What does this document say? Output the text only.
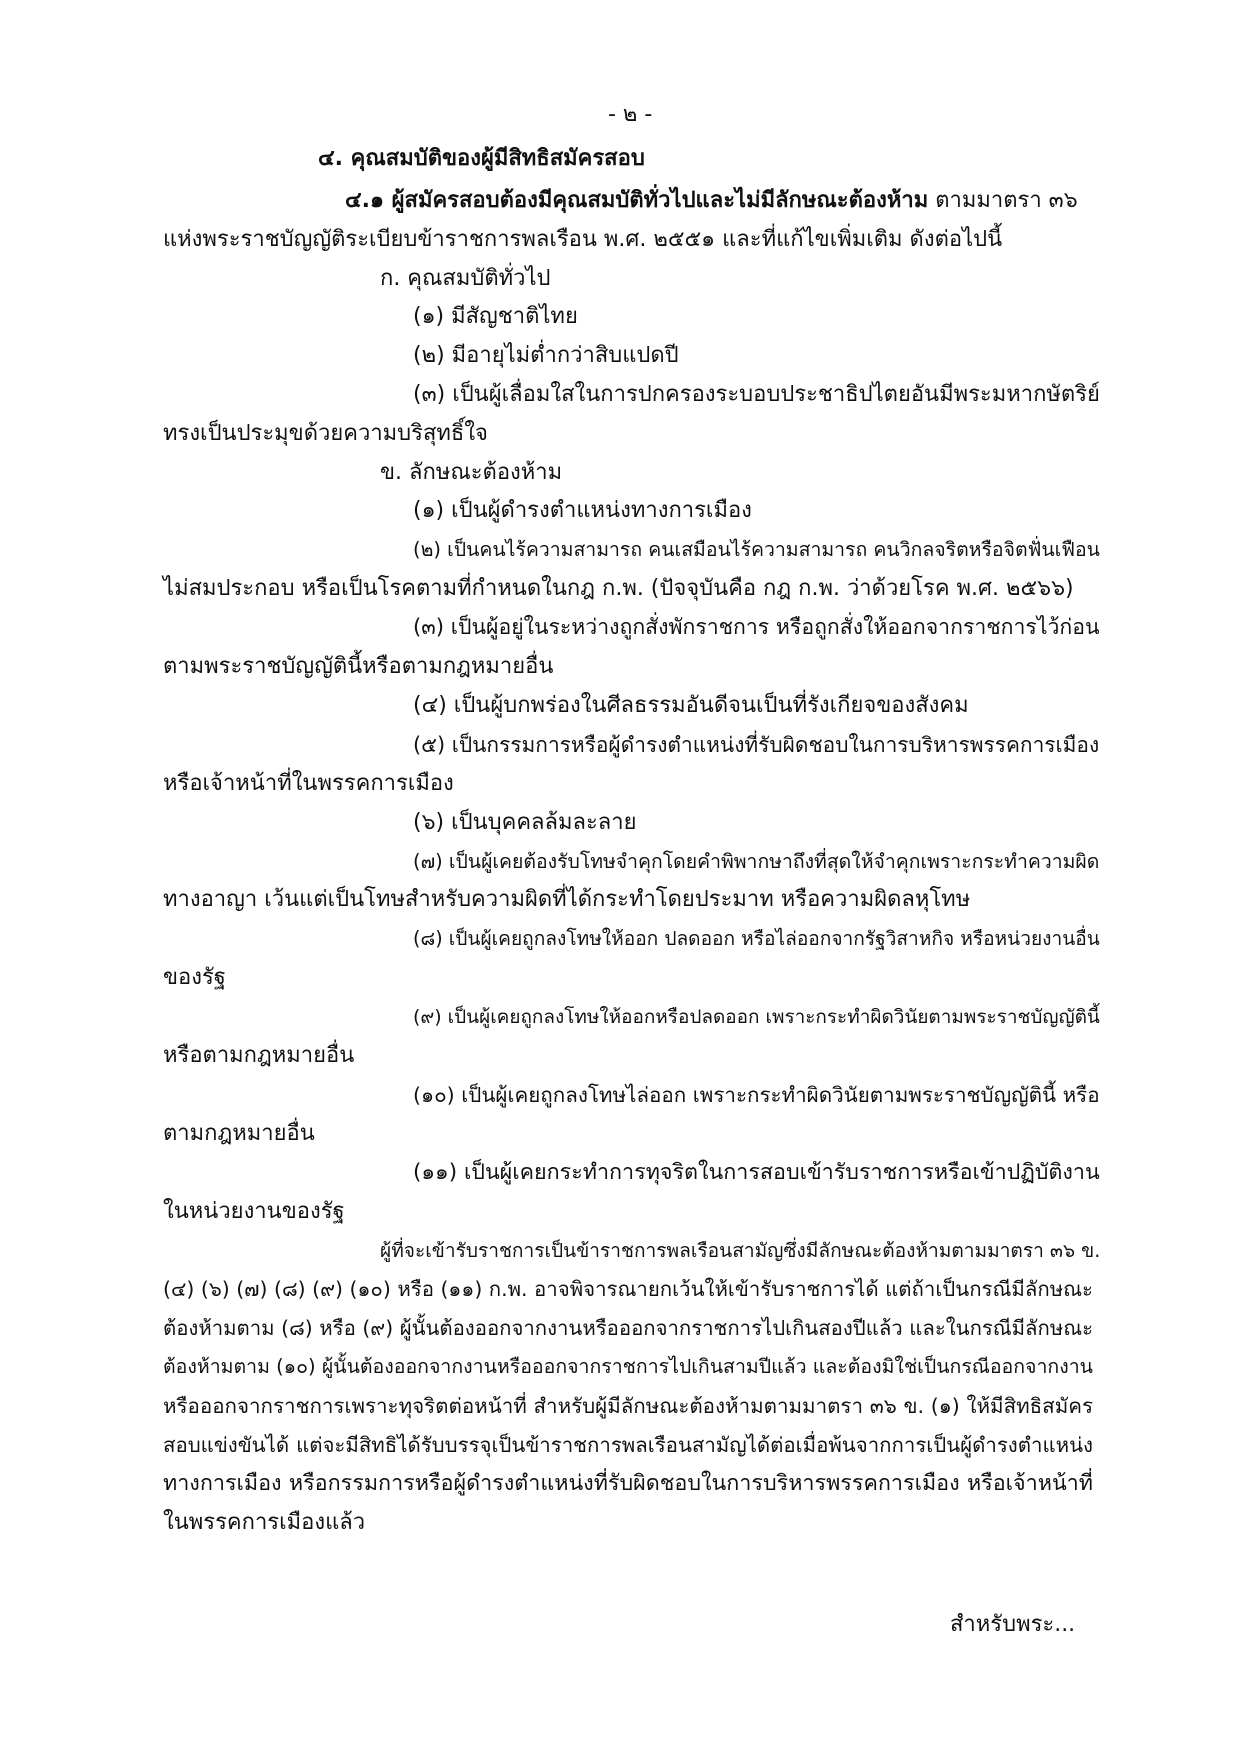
- ๒ -
๔. คุณสมบัติของผู้มีสิทธิสมัครสอบ
๔.๑ ผู้สมัครสอบต้องมีคุณสมบัติทั่วไปและไม่มีลักษณะต้องห้าม ตามมาตรา ๓๖
แห่งพระราชบัญญัติระเบียบข้าราชการพลเรือน พ.ศ. ๒๕๕๑ และที่แก้ไขเพิ่มเติม ดังต่อไปนี้
ก. คุณสมบัติทั่วไป
(๑) มีสัญชาติไทย
(๒) มีอายุไม่ต่ำกว่าสิบแปดปี
(๓) เป็นผู้เลื่อมใสในการปกครองระบอบประชาธิปไตยอันมีพระมหากษัตริย์
ทรงเป็นประมุขด้วยความบริสุทธิ์ใจ
ข. ลักษณะต้องห้าม
(๑) เป็นผู้ดำรงตำแหน่งทางการเมือง
(๒) เป็นคนไร้ความสามารถ คนเสมือนไร้ความสามารถ คนวิกลจริตหรือจิตฟั่นเฟือน
ไม่สมประกอบ หรือเป็นโรคตามที่กำหนดในกฎ ก.พ. (ปัจจุบันคือ กฎ ก.พ. ว่าด้วยโรค พ.ศ. ๒๕๖๖)
(๓) เป็นผู้อยู่ในระหว่างถูกสั่งพักราชการ หรือถูกสั่งให้ออกจากราชการไว้ก่อน
ตามพระราชบัญญัตินี้หรือตามกฎหมายอื่น
(๔) เป็นผู้บกพร่องในศีลธรรมอันดีจนเป็นที่รังเกียจของสังคม
(๕) เป็นกรรมการหรือผู้ดำรงตำแหน่งที่รับผิดชอบในการบริหารพรรคการเมือง
หรือเจ้าหน้าที่ในพรรคการเมือง
(๖) เป็นบุคคลล้มละลาย
(๗) เป็นผู้เคยต้องรับโทษจำคุกโดยคำพิพากษาถึงที่สุดให้จำคุกเพราะกระทำความผิด
ทางอาญา เว้นแต่เป็นโทษสำหรับความผิดที่ได้กระทำโดยประมาท หรือความผิดลหุโทษ
(๘) เป็นผู้เคยถูกลงโทษให้ออก ปลดออก หรือไล่ออกจากรัฐวิสาหกิจ หรือหน่วยงานอื่น
ของรัฐ
(๙) เป็นผู้เคยถูกลงโทษให้ออกหรือปลดออก เพราะกระทำผิดวินัยตามพระราชบัญญัตินี้
หรือตามกฎหมายอื่น
(๑๐) เป็นผู้เคยถูกลงโทษไล่ออก เพราะกระทำผิดวินัยตามพระราชบัญญัตินี้ หรือ
ตามกฎหมายอื่น
(๑๑) เป็นผู้เคยกระทำการทุจริตในการสอบเข้ารับราชการหรือเข้าปฏิบัติงาน
ในหน่วยงานของรัฐ
ผู้ที่จะเข้ารับราชการเป็นข้าราชการพลเรือนสามัญซึ่งมีลักษณะต้องห้ามตามมาตรา ๓๖ ข.
(๔) (๖) (๗) (๘) (๙) (๑๐) หรือ (๑๑) ก.พ. อาจพิจารณายกเว้นให้เข้ารับราชการได้ แต่ถ้าเป็นกรณีมีลักษณะ
ต้องห้ามตาม (๘) หรือ (๙) ผู้นั้นต้องออกจากงานหรือออกจากราชการไปเกินสองปีแล้ว และในกรณีมีลักษณะ
ต้องห้ามตาม (๑๐) ผู้นั้นต้องออกจากงานหรือออกจากราชการไปเกินสามปีแล้ว และต้องมิใช่เป็นกรณีออกจากงาน
หรือออกจากราชการเพราะทุจริตต่อหน้าที่ สำหรับผู้มีลักษณะต้องห้ามตามมาตรา ๓๖ ข. (๑) ให้มีสิทธิสมัคร
สอบแข่งขันได้ แต่จะมีสิทธิได้รับบรรจุเป็นข้าราชการพลเรือนสามัญได้ต่อเมื่อพ้นจากการเป็นผู้ดำรงตำแหน่ง
ทางการเมือง หรือกรรมการหรือผู้ดำรงตำแหน่งที่รับผิดชอบในการบริหารพรรคการเมือง หรือเจ้าหน้าที่
ในพรรคการเมืองแล้ว
สำหรับพระ...
